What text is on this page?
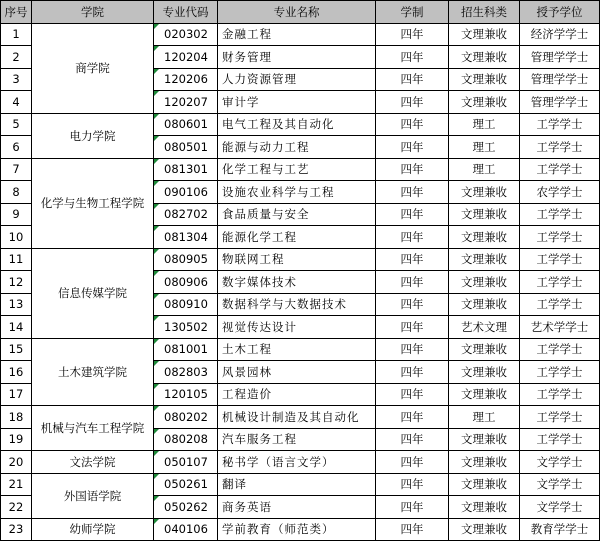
序号	学院	专业代码	专业名称	学制	招生科类	授予学位
1	商学院	020302	金融工程	四年	文理兼收	经济学学士
2		120204	财务管理	四年	文理兼收	管理学学士
3		120206	人力资源管理	四年	文理兼收	管理学学士
4		120207	审计学	四年	文理兼收	管理学学士
5	电力学院	080601	电气工程及其自动化	四年	理工	工学学士
6		080501	能源与动力工程	四年	理工	工学学士
7	化学与生物工程学院	081301	化学工程与工艺	四年	理工	工学学士
8		090106	设施农业科学与工程	四年	文理兼收	农学学士
9		082702	食品质量与安全	四年	文理兼收	工学学士
10		081304	能源化学工程	四年	文理兼收	工学学士
11	信息传媒学院	080905	物联网工程	四年	文理兼收	工学学士
12		080906	数字媒体技术	四年	文理兼收	工学学士
13		080910	数据科学与大数据技术	四年	文理兼收	工学学士
14		130502	视觉传达设计	四年	艺术文理	艺术学学士
15	土木建筑学院	081001	土木工程	四年	文理兼收	工学学士
16		082803	风景园林	四年	文理兼收	工学学士
17		120105	工程造价	四年	文理兼收	工学学士
18	机械与汽车工程学院	080202	机械设计制造及其自动化	四年	理工	工学学士
19		080208	汽车服务工程	四年	文理兼收	工学学士
20	文法学院	050107	秘书学（语言文学）	四年	文理兼收	文学学士
21	外国语学院	050261	翻译	四年	文理兼收	文学学士
22		050262	商务英语	四年	文理兼收	文学学士
23	幼师学院	040106	学前教育（师范类）	四年	文理兼收	教育学学士
